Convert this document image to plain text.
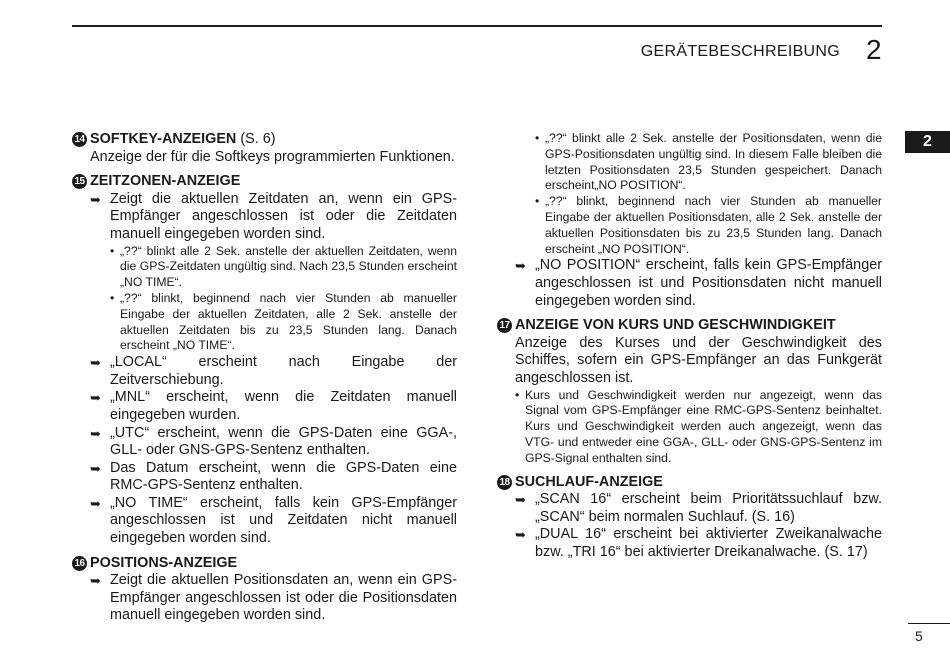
GERÄTEBESCHREIBUNG 2
2
14 SOFTKEY-ANZEIGEN (S. 6)
Anzeige der für die Softkeys programmierten Funktionen.
15 ZEITZONEN-ANZEIGE
➥ Zeigt die aktuellen Zeitdaten an, wenn ein GPS-Empfänger angeschlossen ist oder die Zeitdaten manuell eingegeben worden sind.
• „??“ blinkt alle 2 Sek. anstelle der aktuellen Zeitdaten, wenn die GPS-Zeitdaten ungültig sind. Nach 23,5 Stunden erscheint „NO TIME“.
• „??“ blinkt, beginnend nach vier Stunden ab manueller Eingabe der aktuellen Zeitdaten, alle 2 Sek. anstelle der aktuellen Zeitdaten bis zu 23,5 Stunden lang. Danach erscheint „NO TIME“.
➥ „LOCAL“ erscheint nach Eingabe der Zeitverschiebung.
➥ „MNL“ erscheint, wenn die Zeitdaten manuell eingegeben wurden.
➥ „UTC“ erscheint, wenn die GPS-Daten eine GGA-, GLL- oder GNS-GPS-Sentenz enthalten.
➥ Das Datum erscheint, wenn die GPS-Daten eine RMC-GPS-Sentenz enthalten.
➥ „NO TIME“ erscheint, falls kein GPS-Empfänger angeschlossen ist und Zeitdaten nicht manuell eingegeben worden sind.
16 POSITIONS-ANZEIGE
➥ Zeigt die aktuellen Positionsdaten an, wenn ein GPS-Empfänger angeschlossen ist oder die Positionsdaten manuell eingegeben worden sind.
• „??“ blinkt alle 2 Sek. anstelle der Positionsdaten, wenn die GPS-Positionsdaten ungültig sind. In diesem Falle bleiben die letzten Positionsdaten 23,5 Stunden gespeichert. Danach erscheint„NO POSITION“.
• „??“ blinkt, beginnend nach vier Stunden ab manueller Eingabe der aktuellen Positionsdaten, alle 2 Sek. anstelle der aktuellen Positionsdaten bis zu 23,5 Stunden lang. Danach erscheint „NO POSITION“.
➥ „NO POSITION“ erscheint, falls kein GPS-Empfänger angeschlossen ist und Positionsdaten nicht manuell eingegeben worden sind.
17 ANZEIGE VON KURS UND GESCHWINDIGKEIT
Anzeige des Kurses und der Geschwindigkeit des Schiffes, sofern ein GPS-Empfänger an das Funkgerät angeschlossen ist.
• Kurs und Geschwindigkeit werden nur angezeigt, wenn das Signal vom GPS-Empfänger eine RMC-GPS-Sentenz beinhaltet. Kurs und Geschwindigkeit werden auch angezeigt, wenn das VTG- und entweder eine GGA-, GLL- oder GNS-GPS-Sentenz im GPS-Signal enthalten sind.
18 SUCHLAUF-ANZEIGE
➥ „SCAN 16“ erscheint beim Prioritätssuchlauf bzw. „SCAN“ beim normalen Suchlauf. (S. 16)
➥ „DUAL 16“ erscheint bei aktivierter Zweikanalwache bzw. „TRI 16“ bei aktivierter Dreikanalwache. (S. 17)
5
